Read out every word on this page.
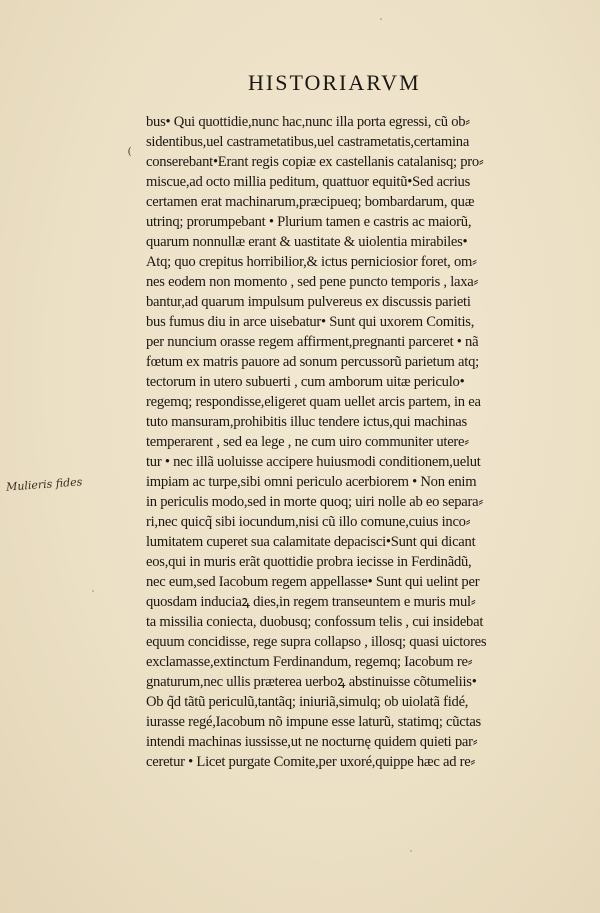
HISTORIARVM
(
Mulieris fides
bus• Qui quottidie,nunc hac,nunc illa porta egressi, cũ ob⸗
sidentibus,uel castrametatibus,uel castrametatis,certamina
conserebant•Erant regis copiæ ex castellanis catalanisq; pro⸗
miscue,ad octo millia peditum, quattuor equitũ•Sed acrius
certamen erat machinarum,præcipueq; bombardarum, quæ
utrinq; prorumpebant • Plurium tamen e castris ac maiorũ,
quarum nonnullæ erant & uastitate & uiolentia mirabiles•
Atq; quo crepitus horribilior,& ictus perniciosior foret, om⸗
nes eodem non momento , sed pene puncto temporis , laxa⸗
bantur,ad quarum impulsum pulvereus ex discussis parieti
bus fumus diu in arce uisebatur• Sunt qui uxorem Comitis,
per nuncium orasse regem affirment,pregnanti parceret • nã
fœtum ex matris pauore ad sonum percussorũ parietum atq;
tectorum in utero subuerti , cum amborum uitæ periculo•
regemq; respondisse,eligeret quam uellet arcis partem, in ea
tuto mansuram,prohibitis illuc tendere ictus,qui machinas
temperarent , sed ea lege , ne cum uiro communiter utere⸗
tur • nec illã uoluisse accipere huiusmodi conditionem,uelut
impiam ac turpe,sibi omni periculo acerbiorem • Non enim
in periculis modo,sed in morte quoq; uiri nolle ab eo separa⸗
ri,nec quicq̃ sibi iocundum,nisi cũ illo comune,cuius inco⸗
lumitatem cuperet sua calamitate depacisci•Sunt qui dicant
eos,qui in muris erãt quottidie probra iecisse in Ferdinãdũ,
nec eum,sed Iacobum regem appellasse• Sunt qui uelint per
quosdam induciaꝝ dies,in regem transeuntem e muris mul⸗
ta missilia coniecta, duobusq; confossum telis , cui insidebat
equum concidisse, rege supra collapso , illosq; quasi uictores
exclamasse,extinctum Ferdinandum, regemq; Iacobum re⸗
gnaturum,nec ullis præterea uerboꝝ abstinuisse cõtumeliis•
Ob q̃d tãtũ periculũ,tantãq; iniuriã,simulq; ob uiolatã fidé,
iurasse regé,Iacobum nõ impune esse laturũ, statimq; cũctas
intendi machinas iussisse,ut ne nocturnę quidem quieti par⸗
ceretur • Licet purgate Comite,per uxoré,quippe hæc ad re⸗
